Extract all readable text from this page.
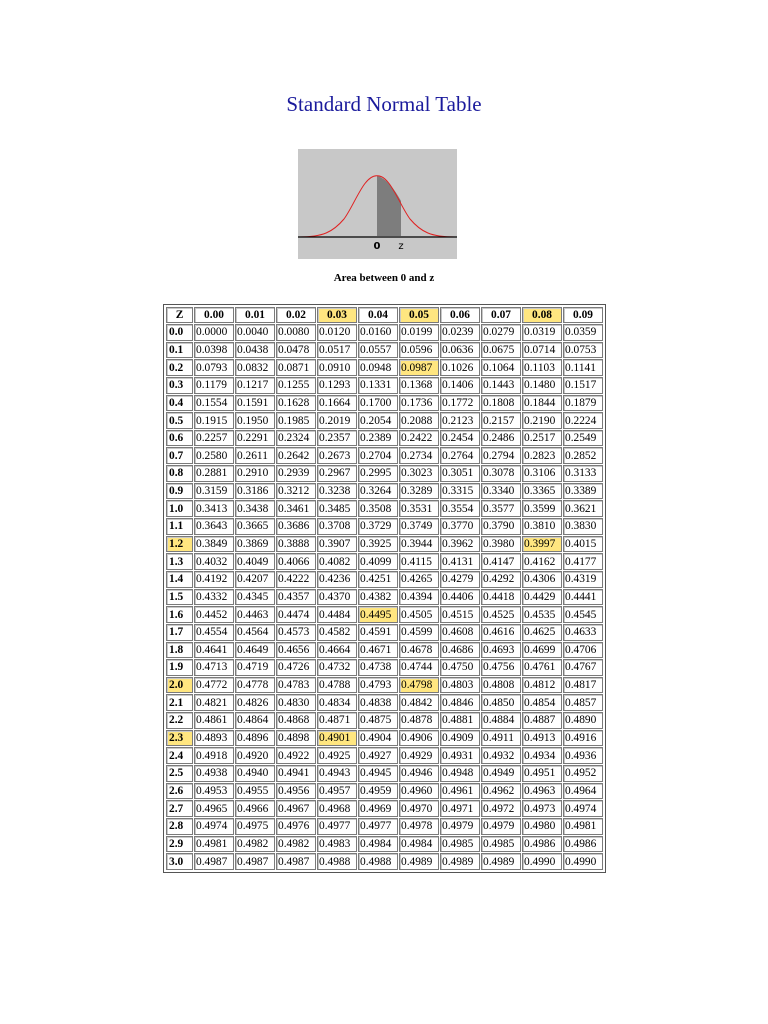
Standard Normal Table
0 z
Area between 0 and z
Z	0.00	0.01	0.02	0.03	0.04	0.05	0.06	0.07	0.08	0.09
0.0	0.0000	0.0040	0.0080	0.0120	0.0160	0.0199	0.0239	0.0279	0.0319	0.0359
0.1	0.0398	0.0438	0.0478	0.0517	0.0557	0.0596	0.0636	0.0675	0.0714	0.0753
0.2	0.0793	0.0832	0.0871	0.0910	0.0948	0.0987	0.1026	0.1064	0.1103	0.1141
0.3	0.1179	0.1217	0.1255	0.1293	0.1331	0.1368	0.1406	0.1443	0.1480	0.1517
0.4	0.1554	0.1591	0.1628	0.1664	0.1700	0.1736	0.1772	0.1808	0.1844	0.1879
0.5	0.1915	0.1950	0.1985	0.2019	0.2054	0.2088	0.2123	0.2157	0.2190	0.2224
0.6	0.2257	0.2291	0.2324	0.2357	0.2389	0.2422	0.2454	0.2486	0.2517	0.2549
0.7	0.2580	0.2611	0.2642	0.2673	0.2704	0.2734	0.2764	0.2794	0.2823	0.2852
0.8	0.2881	0.2910	0.2939	0.2967	0.2995	0.3023	0.3051	0.3078	0.3106	0.3133
0.9	0.3159	0.3186	0.3212	0.3238	0.3264	0.3289	0.3315	0.3340	0.3365	0.3389
1.0	0.3413	0.3438	0.3461	0.3485	0.3508	0.3531	0.3554	0.3577	0.3599	0.3621
1.1	0.3643	0.3665	0.3686	0.3708	0.3729	0.3749	0.3770	0.3790	0.3810	0.3830
1.2	0.3849	0.3869	0.3888	0.3907	0.3925	0.3944	0.3962	0.3980	0.3997	0.4015
1.3	0.4032	0.4049	0.4066	0.4082	0.4099	0.4115	0.4131	0.4147	0.4162	0.4177
1.4	0.4192	0.4207	0.4222	0.4236	0.4251	0.4265	0.4279	0.4292	0.4306	0.4319
1.5	0.4332	0.4345	0.4357	0.4370	0.4382	0.4394	0.4406	0.4418	0.4429	0.4441
1.6	0.4452	0.4463	0.4474	0.4484	0.4495	0.4505	0.4515	0.4525	0.4535	0.4545
1.7	0.4554	0.4564	0.4573	0.4582	0.4591	0.4599	0.4608	0.4616	0.4625	0.4633
1.8	0.4641	0.4649	0.4656	0.4664	0.4671	0.4678	0.4686	0.4693	0.4699	0.4706
1.9	0.4713	0.4719	0.4726	0.4732	0.4738	0.4744	0.4750	0.4756	0.4761	0.4767
2.0	0.4772	0.4778	0.4783	0.4788	0.4793	0.4798	0.4803	0.4808	0.4812	0.4817
2.1	0.4821	0.4826	0.4830	0.4834	0.4838	0.4842	0.4846	0.4850	0.4854	0.4857
2.2	0.4861	0.4864	0.4868	0.4871	0.4875	0.4878	0.4881	0.4884	0.4887	0.4890
2.3	0.4893	0.4896	0.4898	0.4901	0.4904	0.4906	0.4909	0.4911	0.4913	0.4916
2.4	0.4918	0.4920	0.4922	0.4925	0.4927	0.4929	0.4931	0.4932	0.4934	0.4936
2.5	0.4938	0.4940	0.4941	0.4943	0.4945	0.4946	0.4948	0.4949	0.4951	0.4952
2.6	0.4953	0.4955	0.4956	0.4957	0.4959	0.4960	0.4961	0.4962	0.4963	0.4964
2.7	0.4965	0.4966	0.4967	0.4968	0.4969	0.4970	0.4971	0.4972	0.4973	0.4974
2.8	0.4974	0.4975	0.4976	0.4977	0.4977	0.4978	0.4979	0.4979	0.4980	0.4981
2.9	0.4981	0.4982	0.4982	0.4983	0.4984	0.4984	0.4985	0.4985	0.4986	0.4986
3.0	0.4987	0.4987	0.4987	0.4988	0.4988	0.4989	0.4989	0.4989	0.4990	0.4990
